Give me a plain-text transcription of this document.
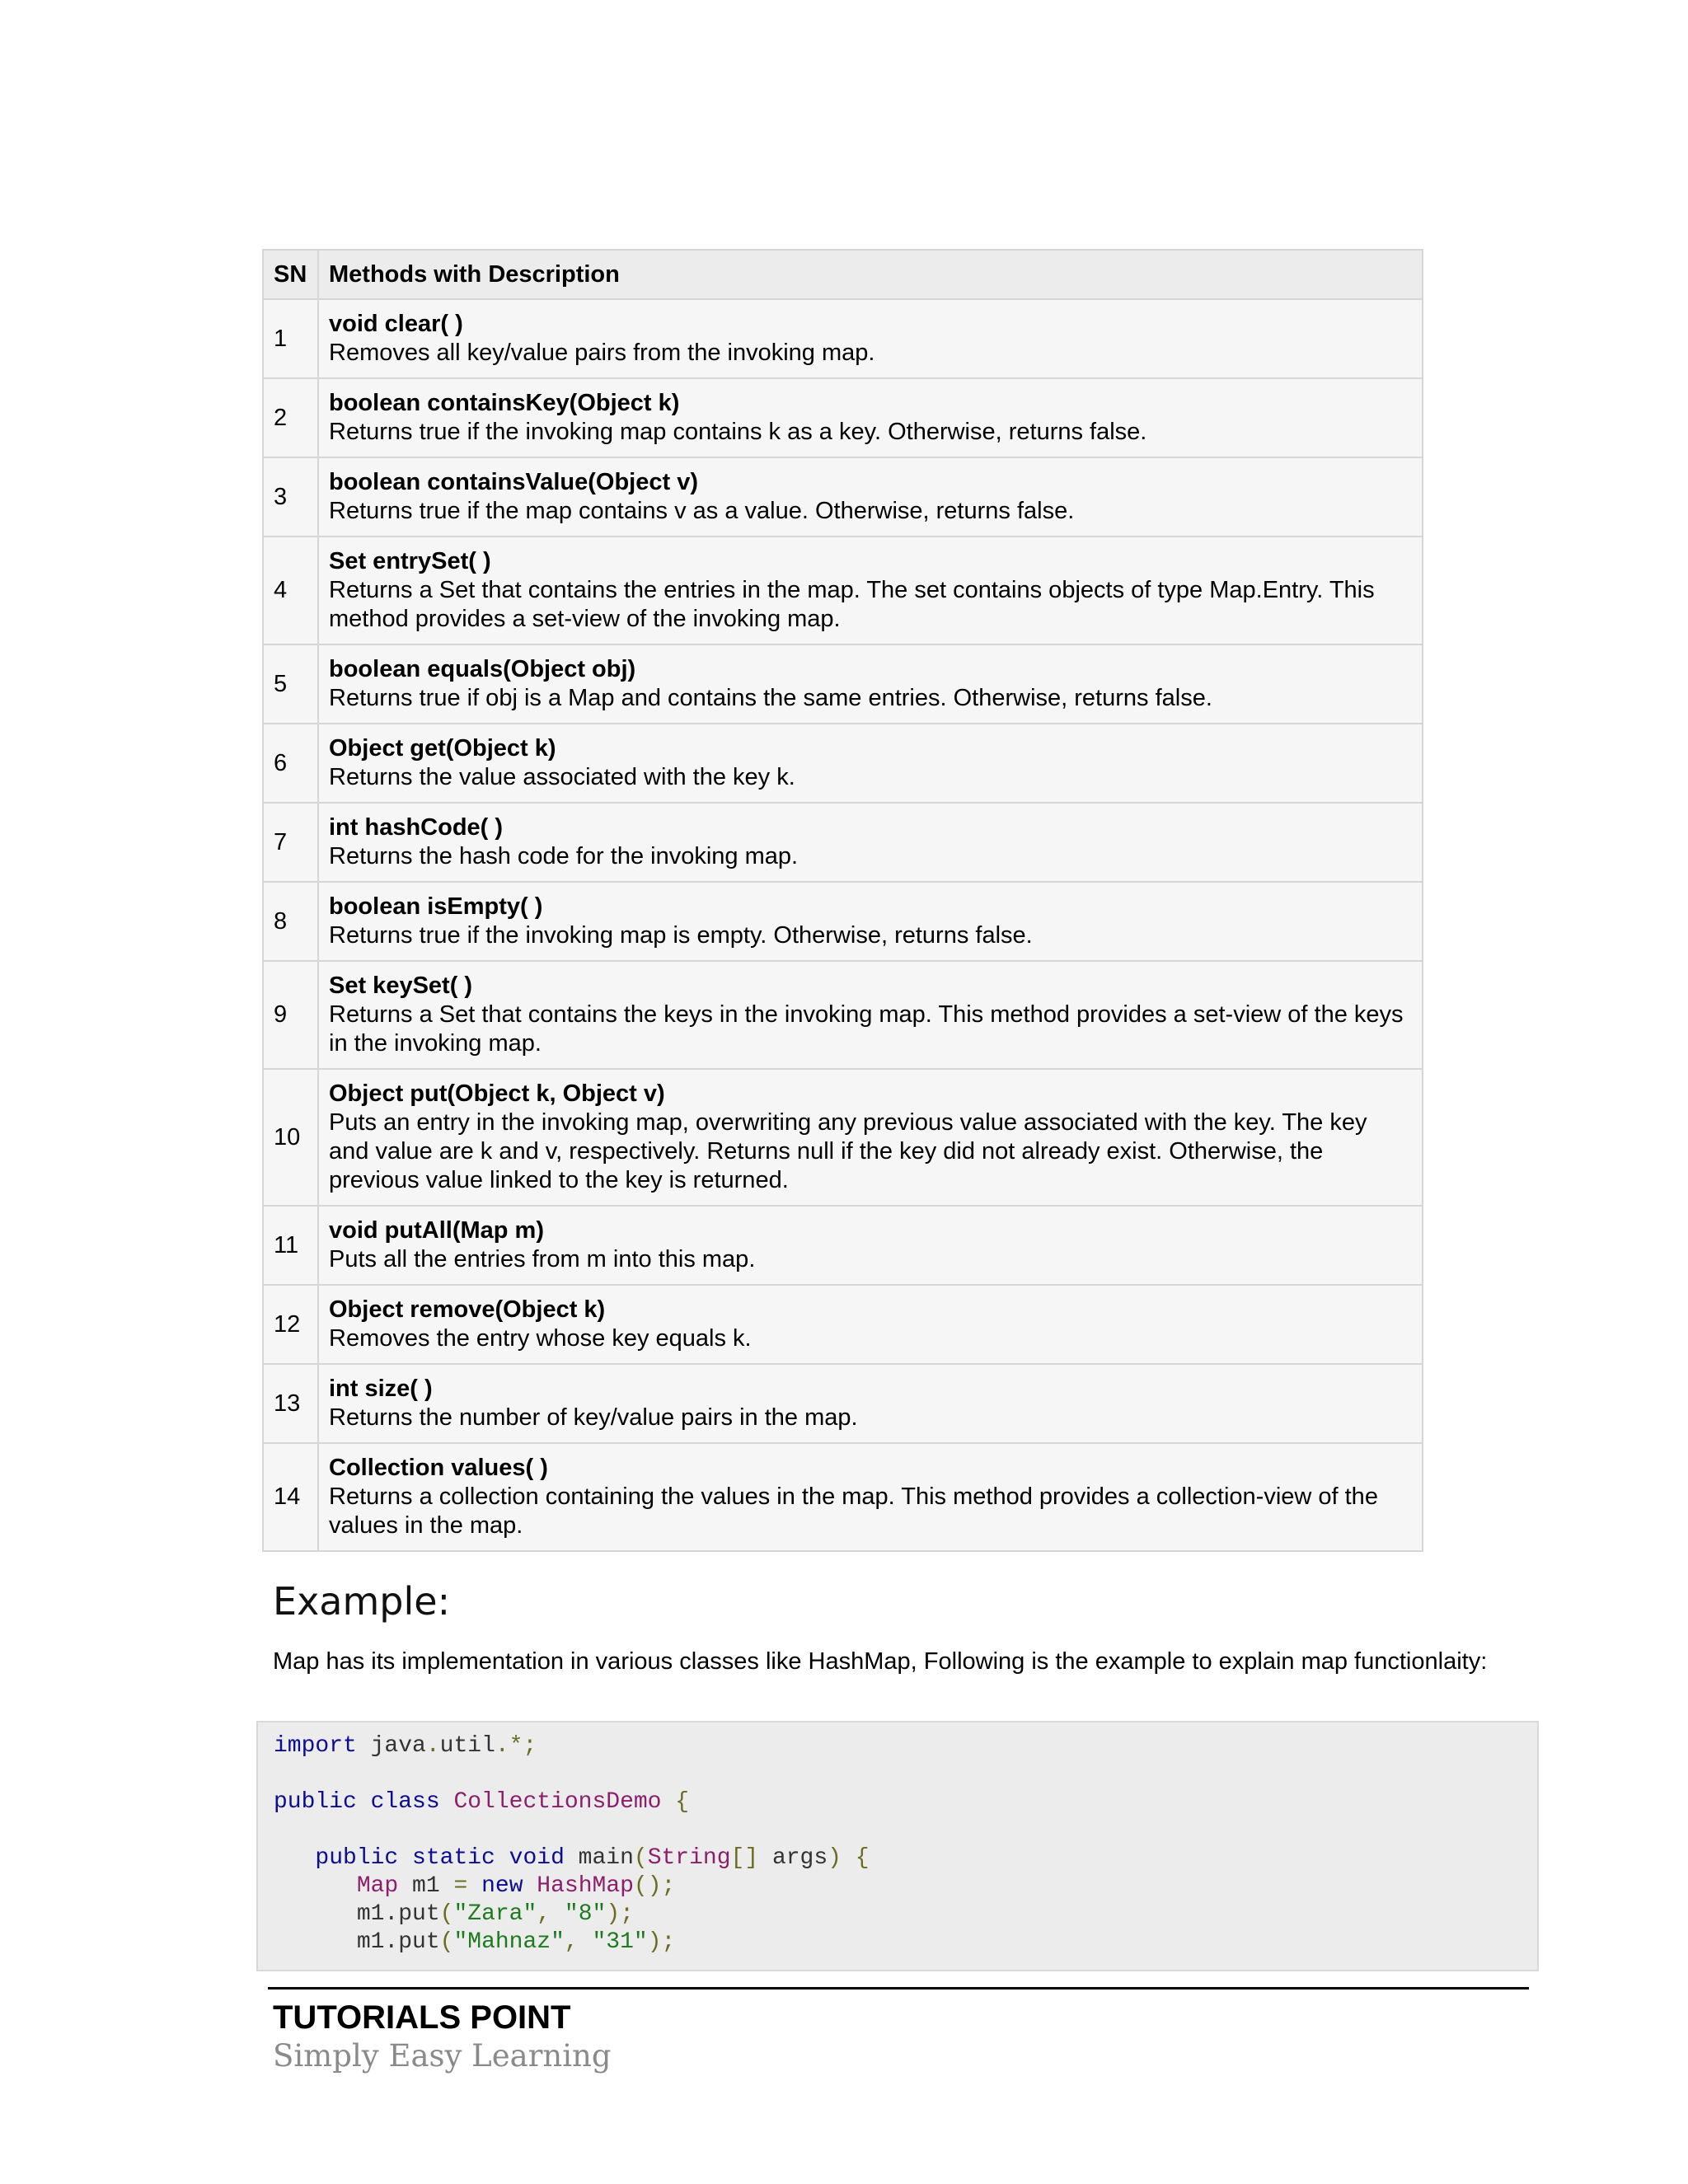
SN	Methods with Description
1	void clear( )
Removes all key/value pairs from the invoking map.

2	boolean containsKey(Object k)
Returns true if the invoking map contains k as a key. Otherwise, returns false.

3	boolean containsValue(Object v)
Returns true if the map contains v as a value. Otherwise, returns false.

4	Set entrySet( )
Returns a Set that contains the entries in the map. The set contains objects of type Map.Entry. This method provides a set-view of the invoking map.

5	boolean equals(Object obj)
Returns true if obj is a Map and contains the same entries. Otherwise, returns false.

6	Object get(Object k)
Returns the value associated with the key k.

7	int hashCode( )
Returns the hash code for the invoking map.

8	boolean isEmpty( )
Returns true if the invoking map is empty. Otherwise, returns false.

9	Set keySet( )
Returns a Set that contains the keys in the invoking map. This method provides a set-view of the keys in the invoking map.

10	Object put(Object k, Object v)
Puts an entry in the invoking map, overwriting any previous value associated with the key. The key and value are k and v, respectively. Returns null if the key did not already exist. Otherwise, the previous value linked to the key is returned.

11	void putAll(Map m)
Puts all the entries from m into this map.

12	Object remove(Object k)
Removes the entry whose key equals k.

13	int size( )
Returns the number of key/value pairs in the map.

14	Collection values( )
Returns a collection containing the values in the map. This method provides a collection-view of the values in the map.
Example:
Map has its implementation in various classes like HashMap, Following is the example to explain map functionlaity:
import java.util.*;
public class CollectionsDemo {
public static void main(String[] args) {
Map m1 = new HashMap();
m1.put("Zara", "8");
m1.put("Mahnaz", "31");
TUTORIALS POINT
Simply Easy Learning
